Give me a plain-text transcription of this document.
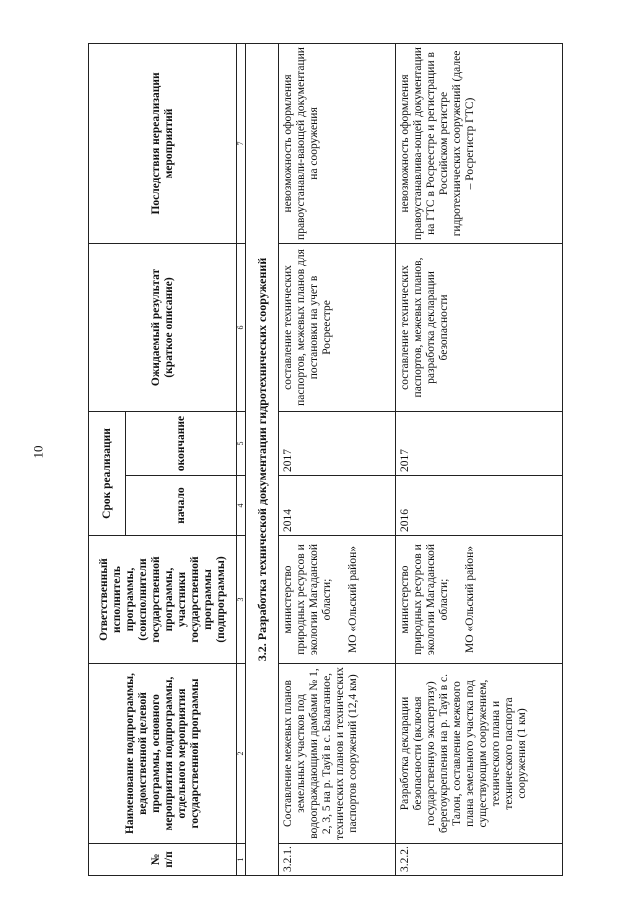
10
№
п/п	Наименование подпрограммы, ведомственной целевой программы, основного мероприятия подпрограммы, отдельного мероприятия государственной программы	Ответственный исполнитель программы, (соисполнители государственной программы, участники государственной программы (подпрограммы)	Срок реализации		Ожидаемый результат (краткое описание)	Последствия нереализации мероприятий
			начало	окончание		
1	2	3	4	5	6	7
3.2. Разработка технической документации гидротехнических сооружений						
3.2.1.	Составление межевых планов земельных участков под водоограждающими дамбами № 1, 2, 3, 5 на р. Тауй в с. Балаганное, технических планов и технических паспортов сооружений (12,4 км)	министерство природных ресурсов и экологии Магаданской области;

МО «Ольский район»	2014	2017	составление технических паспортов, межевых планов для постановки на учет в Росреестре	невозможность оформления правоустанавли-вающей документации на сооружения
3.2.2.	Разработка декларации безопасности (включая государственную экспертизу) берегоукрепления на р. Тауй в с. Талон, составление межевого плана земельного участка под существующим сооружением, технического плана и технического паспорта сооружения (1 км)	министерство природных ресурсов и экологии Магаданской области;

МО «Ольский район»	2016	2017	составление технических паспортов, межевых планов, разработка декларации безопасности	невозможность оформления правоустанавлива-ющей документации на ГТС в Росреестре и регистрации в Российском регистре гидротехнических сооружений (далее – Росрегистр ГТС)
